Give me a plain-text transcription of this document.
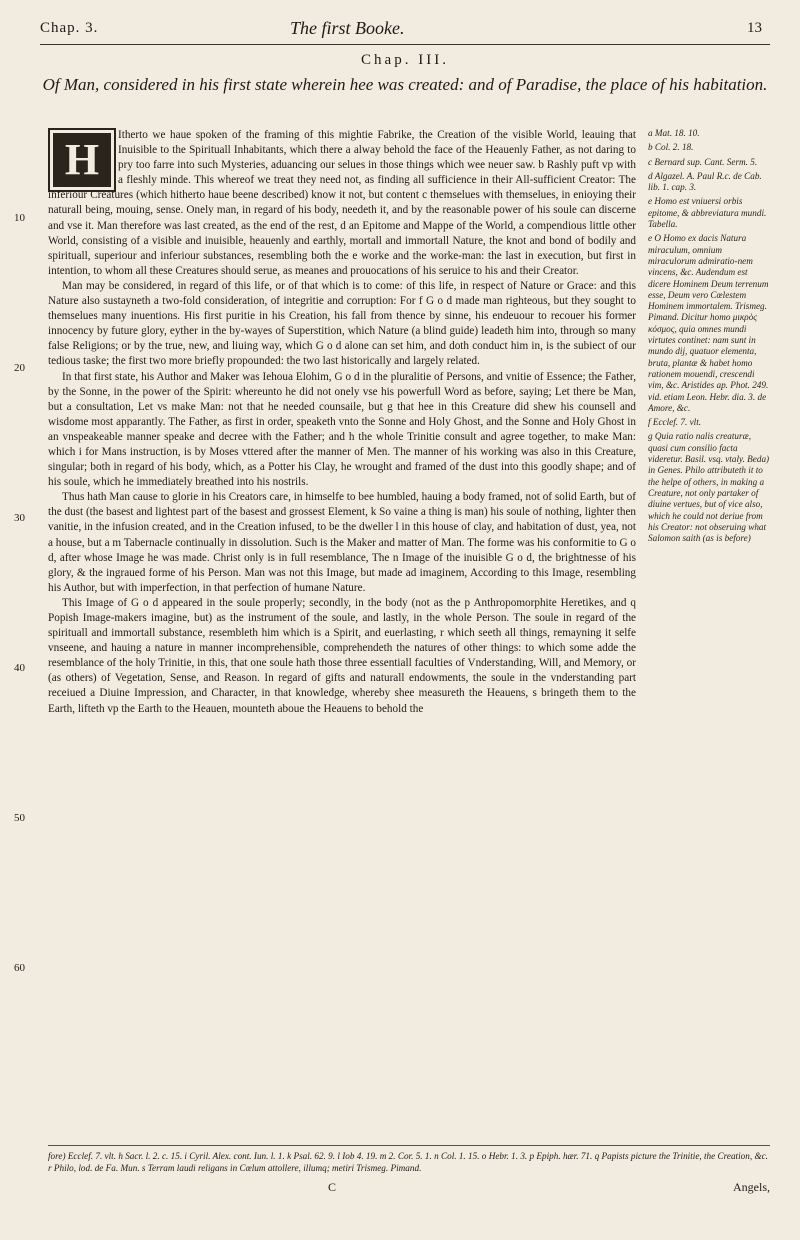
Chap. 3.	The first Booke.	13
Chap. III.
Of Man, considered in his first state wherein hee was created: and of Paradise, the place of his habitation.
10
20
30
40
50
60
H	Itherto we haue spoken of the framing of this mightie Fabrike, the Creation of the visible World, leauing that Inuisible to the Spirituall Inhabitants, which there a alway behold the face of the Heauenly Father, as not daring to pry too farre into such Mysteries, aduancing our selues in those things which wee neuer saw. b Rashly puft vp with a fleshly minde. This whereof we treat they need not, as finding all sufficience in their All-sufficient Creator: The inferiour Creatures (which hitherto haue beene described) know it not, but content c themselues with themselues, in enioying their naturall being, mouing, sense. Onely man, in regard of his body, needeth it, and by the reasonable power of his soule can discerne and vse it. Man therefore was last created, as the end of the rest, d an Epitome and Mappe of the World, a compendious little other World, consisting of a visible and inuisible, heauenly and earthly, mortall and immortall Nature, the knot and bond of bodily and spirituall, superiour and inferiour substances, resembling both the e worke and the worke-man: the last in execution, but first in intention, to whom all these Creatures should serue, as meanes and prouocations of his seruice to his and their Creator.

Man may be considered, in regard of this life, or of that which is to come: of this life, in respect of Nature or Grace: and this Nature also sustayneth a two-fold consideration, of integritie and corruption: For f G o d made man righteous, but they sought to themselues many inuentions. His first puritie in his Creation, his fall from thence by sinne, his endeuour to recouer his former innocency by future glory, eyther in the by-wayes of Superstition, which Nature (a blind guide) leadeth him into, through so many false Religions; or by the true, new, and liuing way, which G o d alone can set him, and doth conduct him in, is the subiect of our tedious taske; the first two more briefly propounded: the two last historically and largely related.

In that first state, his Author and Maker was Iehoua Elohim, G o d in the pluralitie of Persons, and vnitie of Essence; the Father, by the Sonne, in the power of the Spirit: whereunto he did not onely vse his powerfull Word as before, saying; Let there be Man, but a consultation, Let vs make Man: not that he needed counsaile, but g that hee in this Creature did shew his counsell and wisdome most apparantly. The Father, as first in order, speaketh vnto the Sonne and Holy Ghost, and the Sonne and Holy Ghost in an vnspeakeable manner speake and decree with the Father; and h the whole Trinitie consult and agree together, to make Man: which i for Mans instruction, is by Moses vttered after the manner of Men. The manner of his working was also in this Creature, singular; both in regard of his body, which, as a Potter his Clay, he wrought and framed of the dust into this goodly shape; and of his soule, which he immediately breathed into his nostrils.

Thus hath Man cause to glorie in his Creators care, in himselfe to bee humbled, hauing a body framed, not of solid Earth, but of the dust (the basest and lightest part of the basest and grossest Element, k So vaine a thing is man) his soule of nothing, lighter then vanitie, in the infusion created, and in the Creation infused, to be the dweller l in this house of clay, and habitation of dust, yea, not a house, but a m Tabernacle continually in dissolution. Such is the Maker and matter of Man. The forme was his conformitie to G o d, after whose Image he was made. Christ only is in full resemblance, The n Image of the inuisible G o d, the brightnesse of his glory, & the ingraued forme of his Person. Man was not this Image, but made ad imaginem, According to this Image, resembling his Author, but with imperfection, in that perfection of humane Nature.

This Image of G o d appeared in the soule properly; secondly, in the body (not as the p Anthropomorphite Heretikes, and q Popish Image-makers imagine, but) as the instrument of the soule, and lastly, in the whole Person. The soule in regard of the spirituall and immortall substance, resembleth him which is a Spirit, and euerlasting, r which seeth all things, remayning it selfe vnseene, and hauing a nature in manner incomprehensible, comprehendeth the natures of other things: to which some adde the resemblance of the holy Trinitie, in this, that one soule hath those three essentiall faculties of Vnderstanding, Will, and Memory, or (as others) of Vegetation, Sense, and Reason. In regard of gifts and naturall endowments, the soule in the vnderstanding part receiued a Diuine Impression, and Character, in that knowledge, whereby shee measureth the Heauens, s bringeth them to the Earth, lifteth vp the Earth to the Heauen, mounteth aboue the Heauens to behold the

a Mat. 18. 10.
b Col. 2. 18.
c Bernard sup. Cant. Serm. 5.
d Algazel. A. Paul R.c. de Cab. lib. 1. cap. 3.
e Homo est vniuersi orbis epitome, & abbreviatura mundi. Tabella.
e O Homo ex dacis Natura miraculum, omnium miraculorum admiratio-nem vincens, &c. Audendum est dicere Hominem Deum terrenum esse, Deum vero Cœlestem Hominem immortalem. Trismeg. Pimand. Dicitur homo μικρὸς κόσμος, quia omnes mundi virtutes continet: nam sunt in mundo dij, quatuor elementa, bruta, plantæ & habet homo rationem mouendi, crescendi vim, &c. Aristides ap. Phot. 249. vid. etiam Leon. Hebr. dia. 3. de Amore, &c.
f Ecclef. 7. vlt.
g Quia ratio nalis creaturæ, quasi cum consilio facta videretur. Basil. vsq. vtaly. Beda) in Genes. Philo attributeth it to the helpe of others, in making a Creature, not only partaker of diuine vertues, but of vice also, which he could not deriue from his Creator: not obseruing what Salomon saith (as is before)
fore) Ecclef. 7. vlt. h Sacr. l. 2. c. 15. i Cyril. Alex. cont. Iun. l. 1. k Psal. 62. 9. l Iob 4. 19. m 2. Cor. 5. 1. n Col. 1. 15. o Hebr. 1. 3. p Epiph. hær. 71. q Papists picture the Trinitie, the Creation, &c. r Philo, lod. de Fa. Mun. s Terram laudi religans in Cœlum attollere, illumq; metiri Trismeg. Pimand.
C	Angels,
